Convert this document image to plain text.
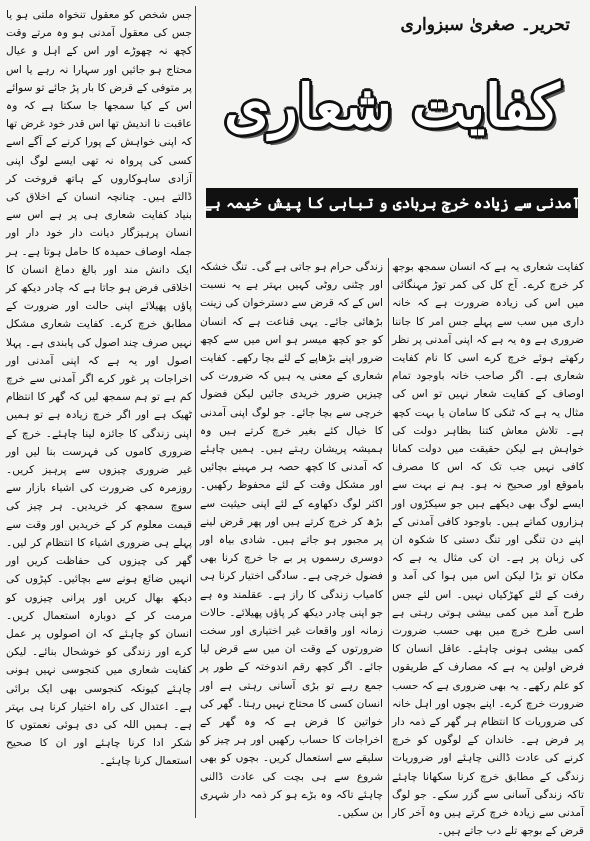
جس شخص کو معقول تنخواہ ملتی ہو یا جس کی معقول آمدنی ہو وہ مرتے وقت کچھ نہ چھوڑے اور اس کے اہل و عیال محتاج ہو جائیں اور سہارا نہ رہے یا اس پر متوفی کے قرض کا بار پڑ جائے تو سوائے اس کے کیا سمجھا جا سکتا ہے کہ وہ عاقبت نا اندیش تھا اس قدر خود غرض تھا کہ اپنی خواہش کے پورا کرنے کے آگے اسے کسی کی پرواہ نہ تھی ایسے لوگ اپنی آزادی ساہوکاروں کے ہاتھ فروخت کر ڈالتے ہیں۔ چنانچہ انسان کے اخلاق کی بنیاد کفایت شعاری ہی پر ہے اس سے انسان پرہیزگار دیانت دار خود دار اور جملہ اوصاف حمیدہ کا حامل ہوتا ہے۔ ہر ایک دانش مند اور بالغ دماغ انسان کا اخلاقی فرض ہو جاتا ہے کہ چادر دیکھ کر پاؤں پھیلائے اپنی حالت اور ضرورت کے مطابق خرچ کرے۔ کفایت شعاری مشکل نہیں صرف چند اصول کی پابندی ہے۔ پہلا اصول اور یہ ہے کہ اپنی آمدنی اور اخراجات پر غور کرے اگر آمدنی سے خرچ کم ہے تو ہم سمجھ لیں کہ گھر کا انتظام ٹھیک ہے اور اگر خرچ زیادہ ہے تو ہمیں اپنی زندگی کا جائزہ لینا چاہئے۔ خرچ کے ضروری کاموں کی فہرست بنا لیں اور غیر ضروری چیزوں سے پرہیز کریں۔ روزمرہ کی ضرورت کی اشیاء بازار سے سوچ سمجھ کر خریدیں۔ ہر چیز کی قیمت معلوم کر کے خریدیں اور وقت سے پہلے ہی ضروری اشیاء کا انتظام کر لیں۔ گھر کی چیزوں کی حفاظت کریں اور انہیں ضائع ہونے سے بچائیں۔ کپڑوں کی دیکھ بھال کریں اور پرانی چیزوں کو مرمت کر کے دوبارہ استعمال کریں۔ انسان کو چاہئے کہ ان اصولوں پر عمل کرے اور زندگی کو خوشحال بنائے۔ لیکن کفایت شعاری میں کنجوسی نہیں ہونی چاہئے کیونکہ کنجوسی بھی ایک برائی ہے۔ اعتدال کی راہ اختیار کرنا ہی بہتر ہے۔ ہمیں اللہ کی دی ہوئی نعمتوں کا شکر ادا کرنا چاہئے اور ان کا صحیح استعمال کرنا چاہئے۔

تحریر۔ صغریٰ سبزواری
کفایت شعاری
آمدنی سے زیادہ خرچ بربادی و تباہی کا پیش خیمہ ہے

زندگی حرام ہو جاتی ہے گی۔ تنگ خشکہ اور چٹنی روٹی کہیں بہتر ہے یہ نسبت اس کے کہ قرض سے دسترخوان کی زینت بڑھائی جائے۔ یہی قناعت ہے کہ انسان کو جو کچھ میسر ہو اس میں سے کچھ ضرور اپنے بڑھاپے کے لئے بچا رکھے۔ کفایت شعاری کے معنی یہ ہیں کہ ضرورت کی چیزیں ضرور خریدی جائیں لیکن فضول خرچی سے بچا جائے۔ جو لوگ اپنی آمدنی کا خیال کئے بغیر خرچ کرتے ہیں وہ ہمیشہ پریشان رہتے ہیں۔ ہمیں چاہئے کہ آمدنی کا کچھ حصہ ہر مہینے بچائیں اور مشکل وقت کے لئے محفوظ رکھیں۔ اکثر لوگ دکھاوے کے لئے اپنی حیثیت سے بڑھ کر خرچ کرتے ہیں اور پھر قرض لینے پر مجبور ہو جاتے ہیں۔ شادی بیاہ اور دوسری رسموں پر بے جا خرچ کرنا بھی فضول خرچی ہے۔ سادگی اختیار کرنا ہی کامیاب زندگی کا راز ہے۔ عقلمند وہ ہے جو اپنی چادر دیکھ کر پاؤں پھیلائے۔ حالات زمانہ اور واقعات غیر اختیاری اور سخت ضرورتوں کے وقت ان میں سے قرض لیا جائے۔ اگر کچھ رقم اندوختہ کے طور پر جمع رہے تو بڑی آسانی رہتی ہے اور انسان کسی کا محتاج نہیں رہتا۔ گھر کی خواتین کا فرض ہے کہ وہ گھر کے اخراجات کا حساب رکھیں اور ہر چیز کو سلیقے سے استعمال کریں۔ بچوں کو بھی شروع سے ہی بچت کی عادت ڈالنی چاہئے تاکہ وہ بڑے ہو کر ذمہ دار شہری بن سکیں۔

کفایت شعاری یہ ہے کہ انسان سمجھ بوجھ کر خرچ کرے۔ آج کل کی کمر توڑ مہنگائی میں اس کی زیادہ ضرورت ہے کہ خانہ داری میں سب سے پہلے جس امر کا جاننا ضروری ہے وہ یہ ہے کہ اپنی آمدنی پر نظر رکھتے ہوئے خرچ کرے اسی کا نام کفایت شعاری ہے۔ اگر صاحب خانہ باوجود تمام اوصاف کے کفایت شعار نہیں تو اس کی مثال یہ ہے کہ ٹنکی کا سامان یا بہت کچھ ہے۔ تلاش معاش کتنا بظاہر دولت کی خواہش ہے لیکن حقیقت میں دولت کمانا کافی نہیں جب تک کہ اس کا مصرف باموقع اور صحیح نہ ہو۔ ہم نے بہت سے ایسے لوگ بھی دیکھے ہیں جو سیکڑوں اور ہزاروں کماتے ہیں۔ باوجود کافی آمدنی کے اپنے دن تنگی اور تنگ دستی کا شکوہ ان کی زبان پر ہے۔ ان کی مثال یہ ہے کہ مکان تو بڑا لیکن اس میں ہوا کی آمد و رفت کے لئے کھڑکیاں نہیں۔ اس لئے جس طرح آمد میں کمی بیشی ہوتی رہتی ہے اسی طرح خرچ میں بھی حسب ضرورت کمی بیشی ہونی چاہئے۔ عاقل انسان کا فرض اولین یہ ہے کہ مصارف کے طریقوں کو علم رکھے۔ یہ بھی ضروری ہے کہ حسب ضرورت خرچ کرے۔ اپنے بچوں اور اہل خانہ کی ضروریات کا انتظام ہر گھر کے ذمہ دار پر فرض ہے۔ خاندان کے لوگوں کو خرچ کرنے کی عادت ڈالنی چاہئے اور ضروریات زندگی کے مطابق خرچ کرنا سکھانا چاہئے تاکہ زندگی آسانی سے گزر سکے۔ جو لوگ آمدنی سے زیادہ خرچ کرتے ہیں وہ آخر کار قرض کے بوجھ تلے دب جاتے ہیں۔
